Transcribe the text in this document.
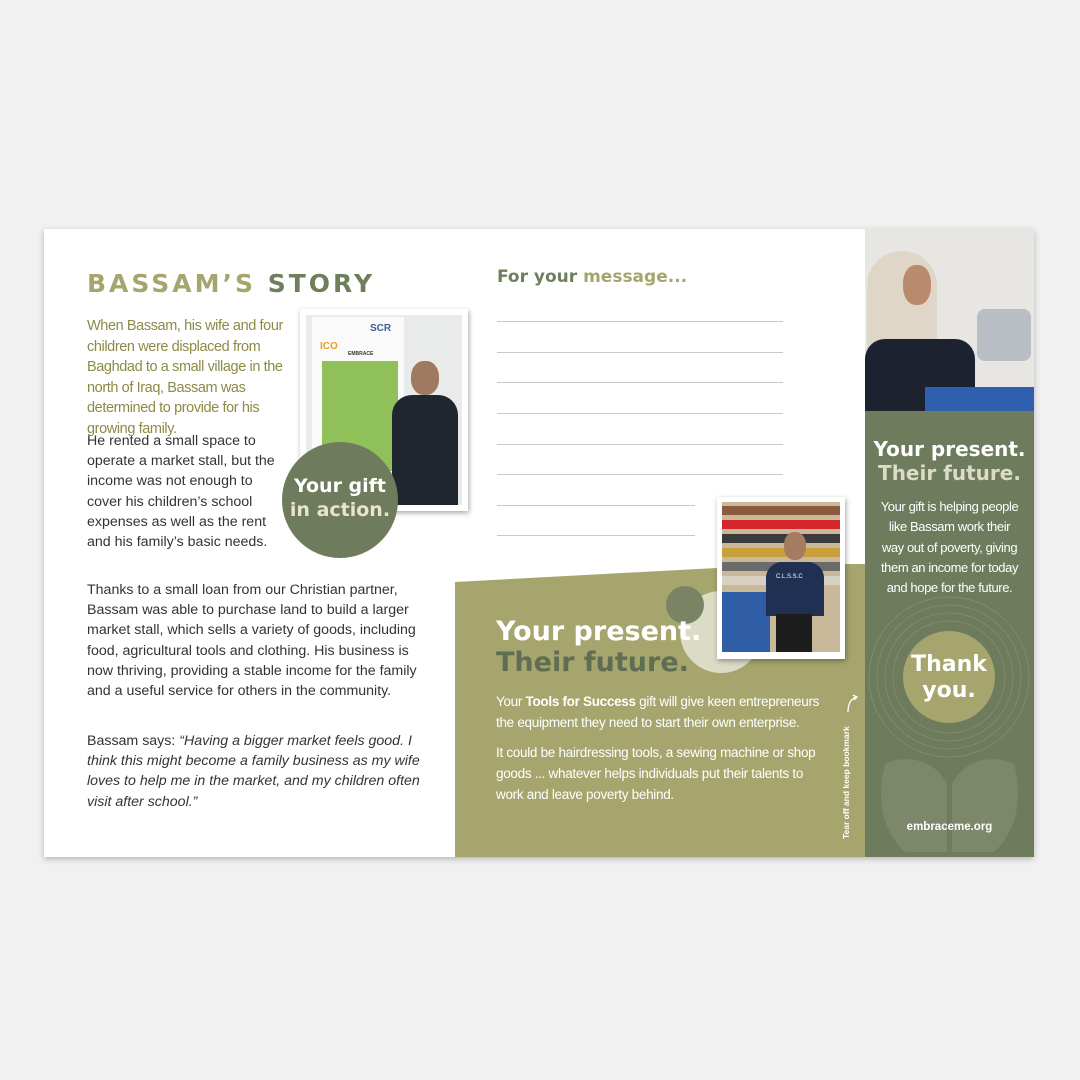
BASSAM’S STORY

When Bassam, his wife and four children were displaced from Baghdad to a small village in the north of Iraq, Bassam was determined to provide for his growing family.

He rented a small space to operate a market stall, but the income was not enough to cover his children’s school expenses as well as the rent and his family’s basic needs.

Thanks to a small loan from our Christian partner, Bassam was able to purchase land to build a larger market stall, which sells a variety of goods, including food, agricultural tools and clothing. His business is now thriving, providing a stable income for the family and a useful service for others in the community.

Bassam says: “Having a bigger market feels good. I think this might become a family business as my wife loves to help me in the market, and my children often visit after school.”

SCR
ICO
EMBRACE
Your gift
in action.
For your message...
C.L.S.S.C
Your present.
Their future.

Your Tools for Success gift will give keen entrepreneurs the equipment they need to start their own enterprise.

It could be hairdressing tools, a sewing machine or shop goods ... whatever helps individuals put their talents to work and leave poverty behind.	Tear off and keep bookmark
Your present.
Their future.

Your gift is helping people like Bassam work their way out of poverty, giving them an income for today and hope for the future.

Thank
you.

embraceme.org
